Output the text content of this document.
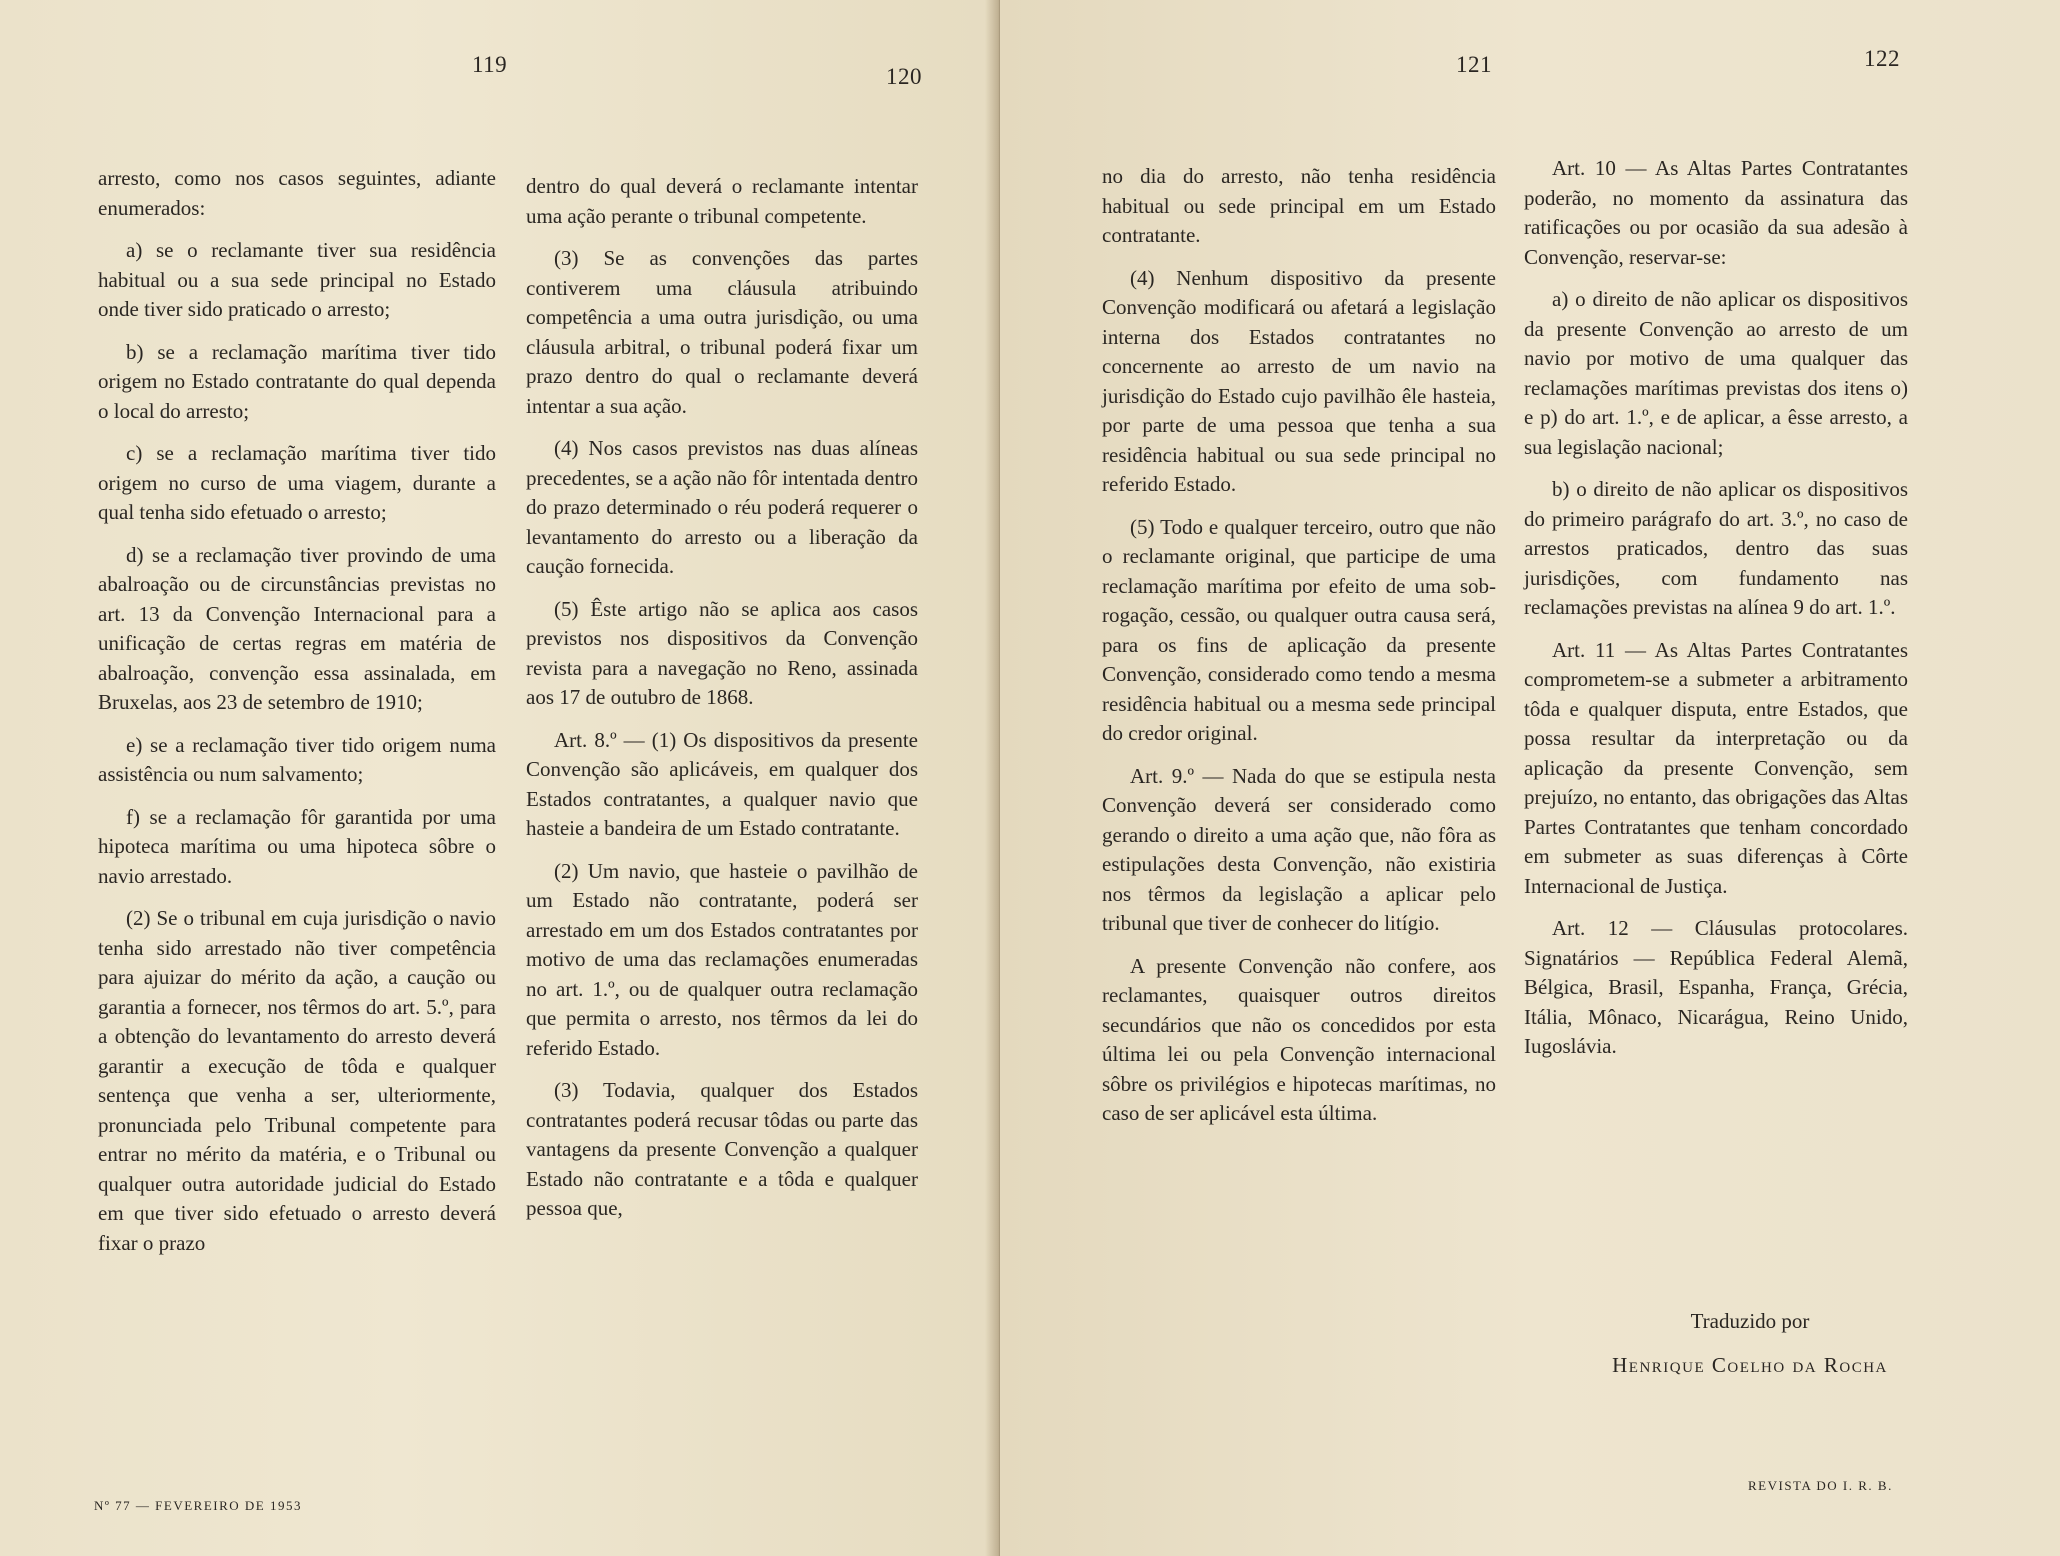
119	120

arresto, como nos casos seguintes, adiante enumerados:

a) se o reclamante tiver sua residência habitual ou a sua sede principal no Estado onde tiver sido praticado o arresto;

b) se a reclamação marítima tiver tido origem no Estado contratante do qual dependa o local do arresto;

c) se a reclamação marítima tiver tido origem no curso de uma viagem, durante a qual tenha sido efetuado o arresto;

d) se a reclamação tiver provindo de uma abalroação ou de circunstâncias previstas no art. 13 da Convenção Internacional para a unificação de certas regras em matéria de abalroação, convenção essa assinalada, em Bruxelas, aos 23 de setembro de 1910;

e) se a reclamação tiver tido origem numa assistência ou num salvamento;

f) se a reclamação fôr garantida por uma hipoteca marítima ou uma hipoteca sôbre o navio arrestado.

(2) Se o tribunal em cuja jurisdição o navio tenha sido arrestado não tiver competência para ajuizar do mérito da ação, a caução ou garantia a fornecer, nos têrmos do art. 5.º, para a obtenção do levantamento do arresto deverá garantir a execução de tôda e qualquer sentença que venha a ser, ulteriormente, pronunciada pelo Tribunal competente para entrar no mérito da matéria, e o Tribunal ou qualquer outra autoridade judicial do Estado em que tiver sido efetuado o arresto deverá fixar o prazo

dentro do qual deverá o reclamante intentar uma ação perante o tribunal competente.

(3) Se as convenções das partes contiverem uma cláusula atribuindo competência a uma outra jurisdição, ou uma cláusula arbitral, o tribunal poderá fixar um prazo dentro do qual o reclamante deverá intentar a sua ação.

(4) Nos casos previstos nas duas alíneas precedentes, se a ação não fôr intentada dentro do prazo determinado o réu poderá requerer o levantamento do arresto ou a liberação da caução fornecida.

(5) Êste artigo não se aplica aos casos previstos nos dispositivos da Convenção revista para a navegação no Reno, assinada aos 17 de outubro de 1868.

Art. 8.º — (1) Os dispositivos da presente Convenção são aplicáveis, em qualquer dos Estados contratantes, a qualquer navio que hasteie a bandeira de um Estado contratante.

(2) Um navio, que hasteie o pavilhão de um Estado não contratante, poderá ser arrestado em um dos Estados contratantes por motivo de uma das reclamações enumeradas no art. 1.º, ou de qualquer outra reclamação que permita o arresto, nos têrmos da lei do referido Estado.

(3) Todavia, qualquer dos Estados contratantes poderá recusar tôdas ou parte das vantagens da presente Convenção a qualquer Estado não contratante e a tôda e qualquer pessoa que,

Nº 77 — FEVEREIRO DE 1953
121	122

no dia do arresto, não tenha residência habitual ou sede principal em um Estado contratante.

(4) Nenhum dispositivo da presente Convenção modificará ou afetará a legislação interna dos Estados contratantes no concernente ao arresto de um navio na jurisdição do Estado cujo pavilhão êle hasteia, por parte de uma pessoa que tenha a sua residência habitual ou sua sede principal no referido Estado.

(5) Todo e qualquer terceiro, outro que não o reclamante original, que participe de uma reclamação marítima por efeito de uma sob-rogação, cessão, ou qualquer outra causa será, para os fins de aplicação da presente Convenção, considerado como tendo a mesma residência habitual ou a mesma sede principal do credor original.

Art. 9.º — Nada do que se estipula nesta Convenção deverá ser considerado como gerando o direito a uma ação que, não fôra as estipulações desta Convenção, não existiria nos têrmos da legislação a aplicar pelo tribunal que tiver de conhecer do litígio.

A presente Convenção não confere, aos reclamantes, quaisquer outros direitos secundários que não os concedidos por esta última lei ou pela Convenção internacional sôbre os privilégios e hipotecas marítimas, no caso de ser aplicável esta última.

Art. 10 — As Altas Partes Contratantes poderão, no momento da assinatura das ratificações ou por ocasião da sua adesão à Convenção, reservar-se:

a) o direito de não aplicar os dispositivos da presente Convenção ao arresto de um navio por motivo de uma qualquer das reclamações marítimas previstas dos itens o) e p) do art. 1.º, e de aplicar, a êsse arresto, a sua legislação nacional;

b) o direito de não aplicar os dispositivos do primeiro parágrafo do art. 3.º, no caso de arrestos praticados, dentro das suas jurisdições, com fundamento nas reclamações previstas na alínea 9 do art. 1.º.

Art. 11 — As Altas Partes Contratantes comprometem-se a submeter a arbitramento tôda e qualquer disputa, entre Estados, que possa resultar da interpretação ou da aplicação da presente Convenção, sem prejuízo, no entanto, das obrigações das Altas Partes Contratantes que tenham concordado em submeter as suas diferenças à Côrte Internacional de Justiça.

Art. 12 — Cláusulas protocolares. Signatários — República Federal Alemã, Bélgica, Brasil, Espanha, França, Grécia, Itália, Mônaco, Nicarágua, Reino Unido, Iugoslávia.

Traduzido por
Henrique Coelho da Rocha
REVISTA DO I. R. B.
